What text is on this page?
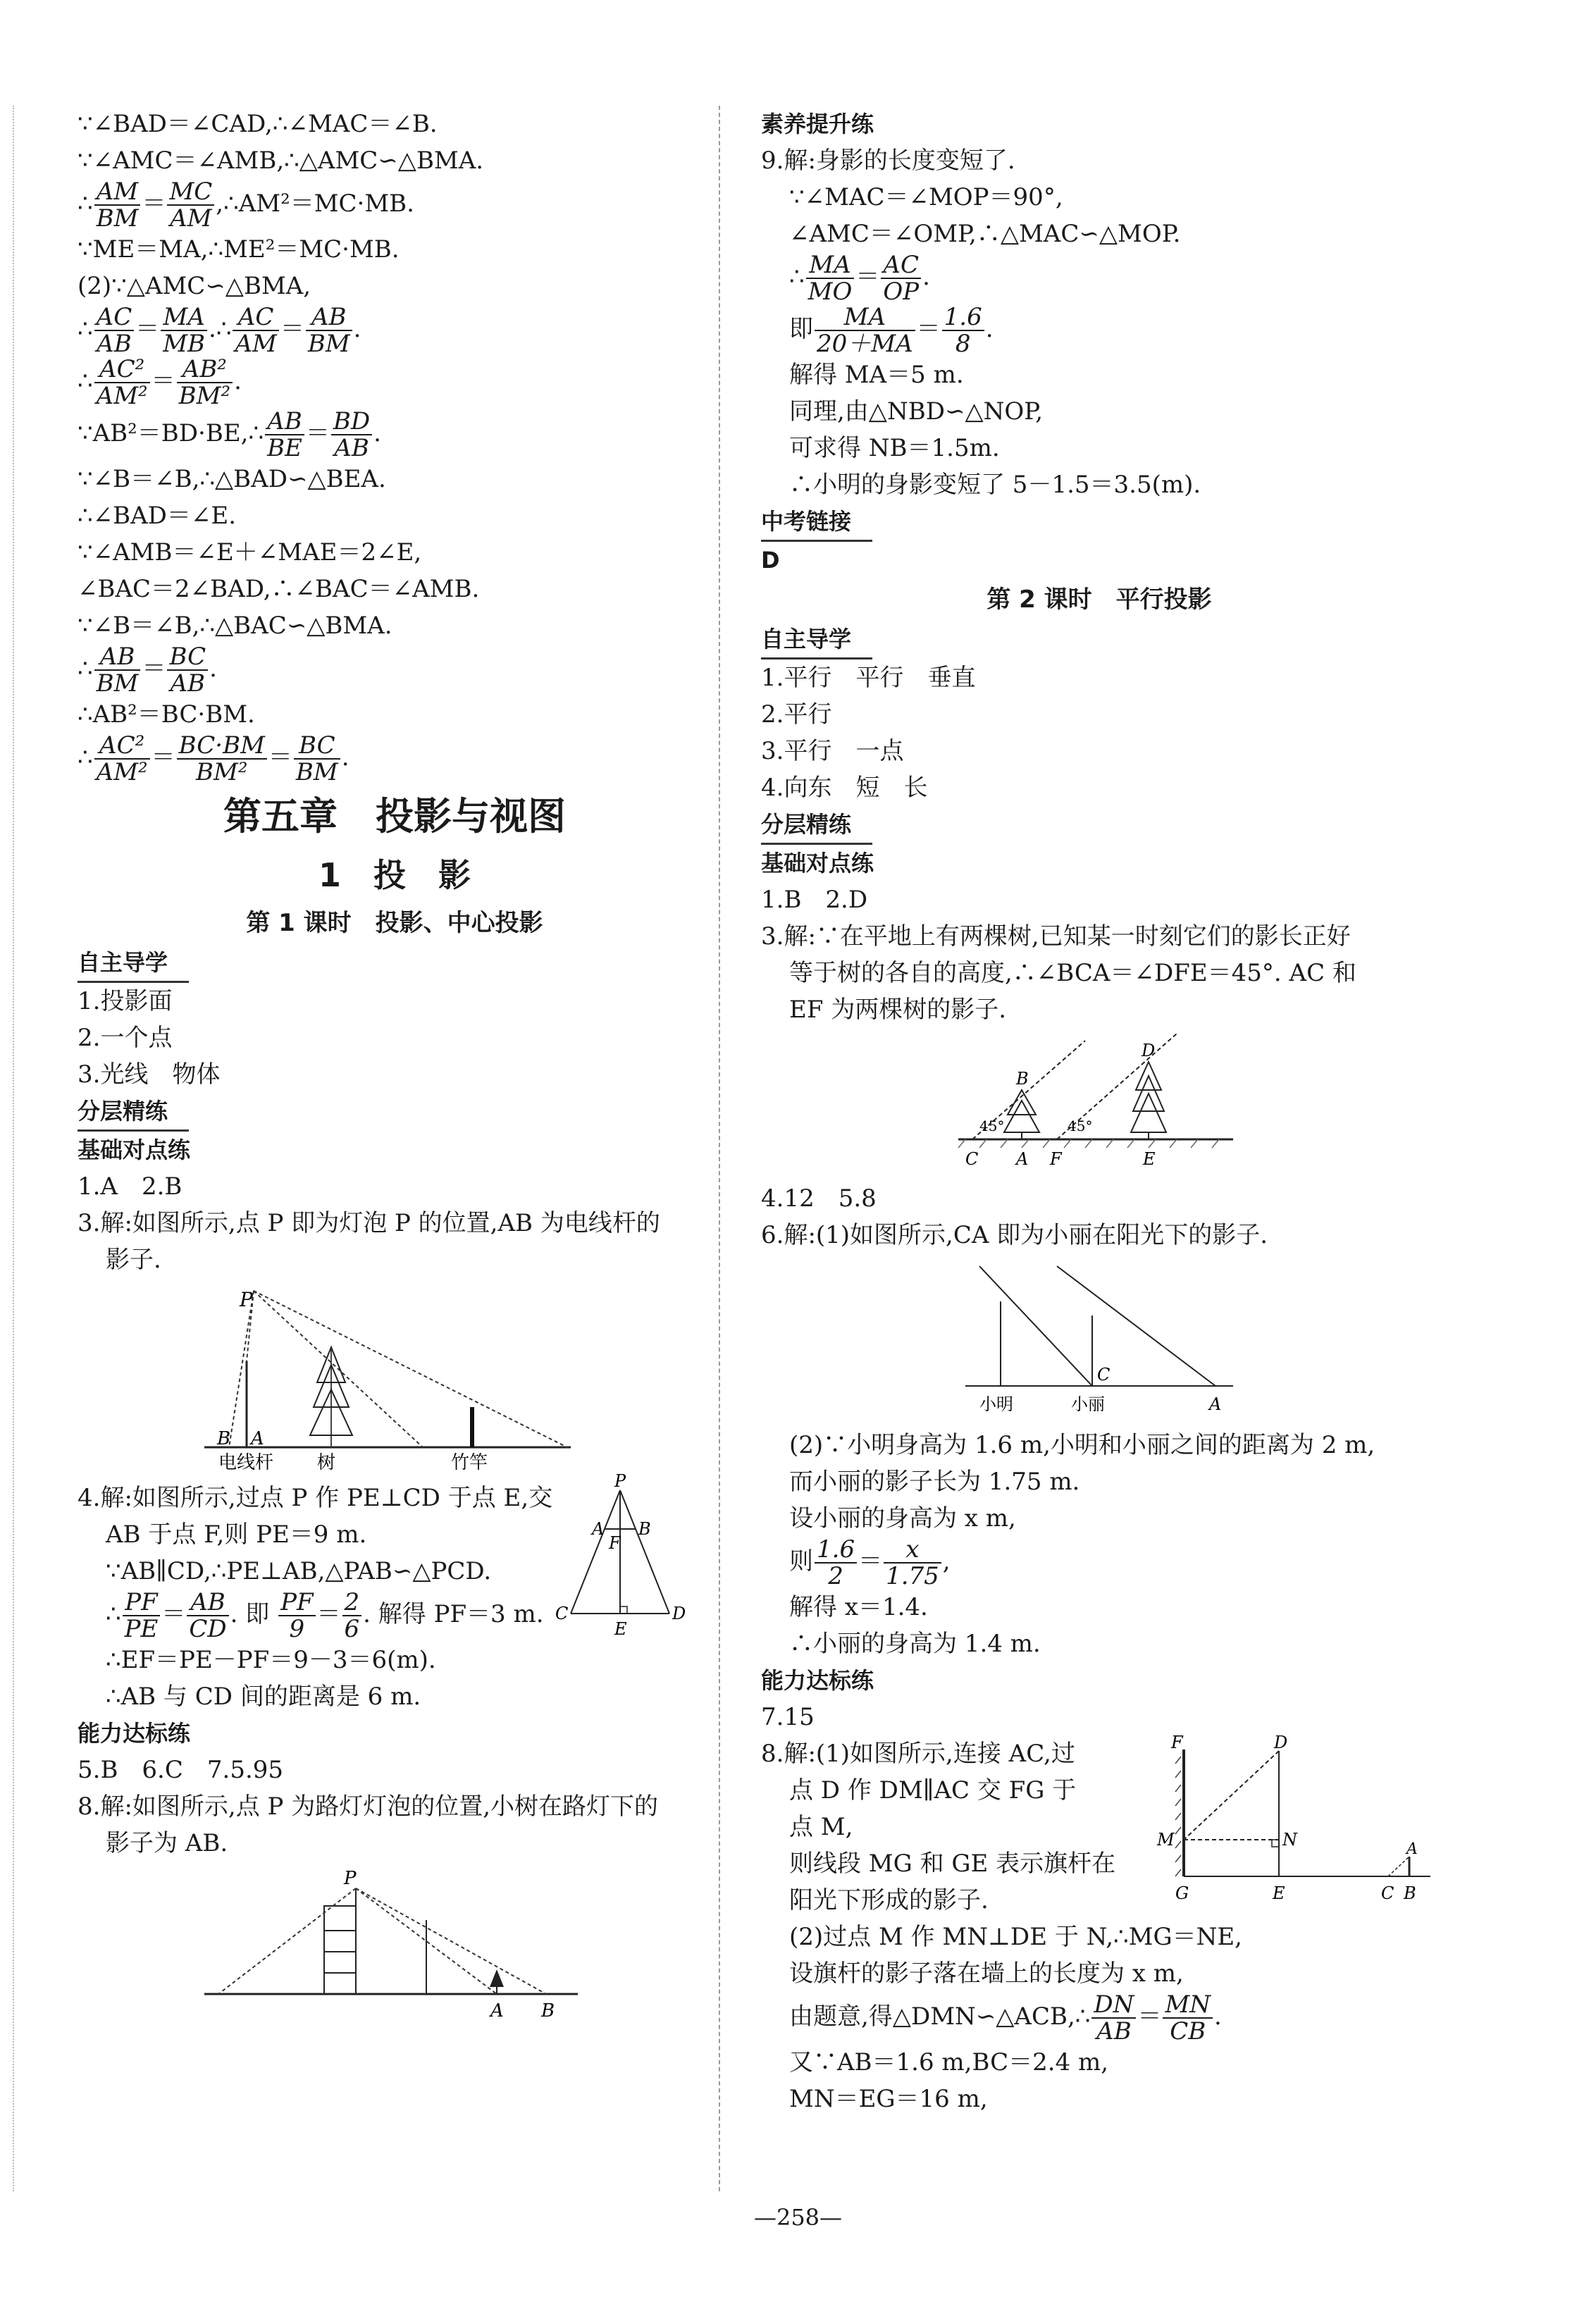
∵∠BAD＝∠CAD,∴∠MAC＝∠B.
∵∠AMC＝∠AMB,∴△AMC∽△BMA.
∴ $\frac{AM}{BM} = \frac{MC}{AM}$ ,∴AM²＝MC·MB.
∵ME＝MA,∴ME²＝MC·MB.
(2)∵△AMC∽△BMA,
∴ $\frac{AC}{AB} = \frac{MA}{MB}$ .∴ $\frac{AC}{AM} = \frac{AB}{BM}$ .
∴ $\frac{\text{AC²}}{\text{AM²}} = \frac{\text{AB²}}{\text{BM²}}$ .
∵AB²＝BD·BE,∴ $\frac{AB}{BE} = \frac{BD}{AB}$ .
∵∠B＝∠B,∴△BAD∽△BEA.
∴∠BAD＝∠E.
∵∠AMB＝∠E＋∠MAE＝2∠E,
∠BAC＝2∠BAD,∴∠BAC＝∠AMB.
∵∠B＝∠B,∴△BAC∽△BMA.
∴ $\frac{AB}{BM} = \frac{BC}{AB}$ .
∴AB²＝BC·BM.
∴ $\frac{\text{AC²}}{\text{AM²}} = \frac{BC\cdot BM}{\text{BM²}} = \frac{BC}{BM}$ .
第五章　投影与视图
1　投　影
第 1 课时　投影、中心投影
自主导学
1.投影面
2.一个点
3.光线　物体
分层精练
基础对点练
1.A　2.B
3.解:如图所示,点 P 即为灯泡 P 的位置,AB 为电线杆的
影子.
P
B A
电线杆 树	竹竿
4.解:如图所示,过点 P 作 PE⊥CD 于点 E,交
AB 于点 F,则 PE＝9 m.
∵AB∥CD,∴PE⊥AB,△PAB∽△PCD.
∴ $\frac{PF}{PE} = \frac{AB}{CD}$ . 即 $\frac{PF}{9} = \frac{2}{6}$ . 解得 PF＝3 m.
∴EF＝PE－PF＝9－3＝6(m).
∴AB 与 CD 间的距离是 6 m.
P
A B
F
C	D
E
能力达标练
5.B　6.C　7.5.95
8.解:如图所示,点 P 为路灯灯泡的位置,小树在路灯下的
影子为 AB.
P
A B
素养提升练
9.解:身影的长度变短了.
∵∠MAC＝∠MOP＝90°,
∠AMC＝∠OMP,∴△MAC∽△MOP.
∴ $\frac{MA}{MO} = \frac{AC}{OP}$ .
即 $\frac{MA}{20+MA} = \frac{1.6}{8}$ .
解得 MA＝5 m.
同理,由△NBD∽△NOP,
可求得 NB＝1.5m.
∴小明的身影变短了 5－1.5＝3.5(m).
中考链接
D
第 2 课时　平行投影
自主导学
1.平行　平行　垂直
2.平行
3.平行　一点
4.向东　短　长
分层精练
基础对点练
1.B　2.D
3.解:∵在平地上有两棵树,已知某一时刻它们的影长正好
等于树的各自的高度,∴∠BCA＝∠DFE＝45°. AC 和
EF 为两棵树的影子.
B
D
C A F	E
45°	45°
4.12　5.8
6.解:(1)如图所示,CA 即为小丽在阳光下的影子.
C
小明	小丽	A
(2)∵小明身高为 1.6 m,小明和小丽之间的距离为 2 m,
而小丽的影子长为 1.75 m.
设小丽的身高为 x m,
则 $\frac{1.6}{2} = \frac{x}{1.75}$ ,
解得 x＝1.4.
∴小丽的身高为 1.4 m.
能力达标练
7.15
8.解:(1)如图所示,连接 AC,过
点 D 作 DM∥AC 交 FG 于
点 M,
则线段 MG 和 GE 表示旗杆在
阳光下形成的影子.
F	D
M	N	A
G	E	C B
(2)过点 M 作 MN⊥DE 于 N,∴MG＝NE,
设旗杆的影子落在墙上的长度为 x m,
由题意,得△DMN∽△ACB,∴ $\frac{DN}{AB} = \frac{MN}{CB}$ .
又∵AB＝1.6 m,BC＝2.4 m,
MN＝EG＝16 m,
—258—
